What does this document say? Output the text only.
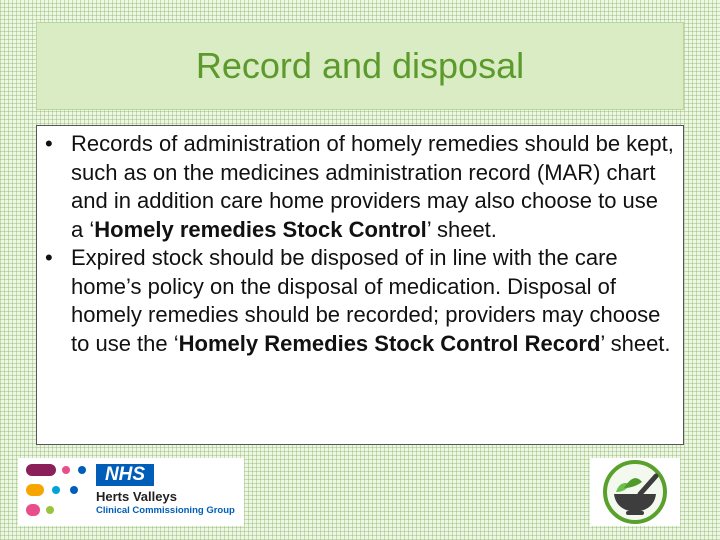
Record and disposal
• Records of administration of homely remedies should be kept, such as on the medicines administration record (MAR) chart and in addition care home providers may also choose to use a ‘Homely remedies Stock Control’ sheet.
• Expired stock should be disposed of in line with the care home’s policy on the disposal of medication. Disposal of homely remedies should be recorded; providers may choose to use the ‘Homely Remedies Stock Control Record’ sheet.
NHS
Herts Valleys
Clinical Commissioning Group
